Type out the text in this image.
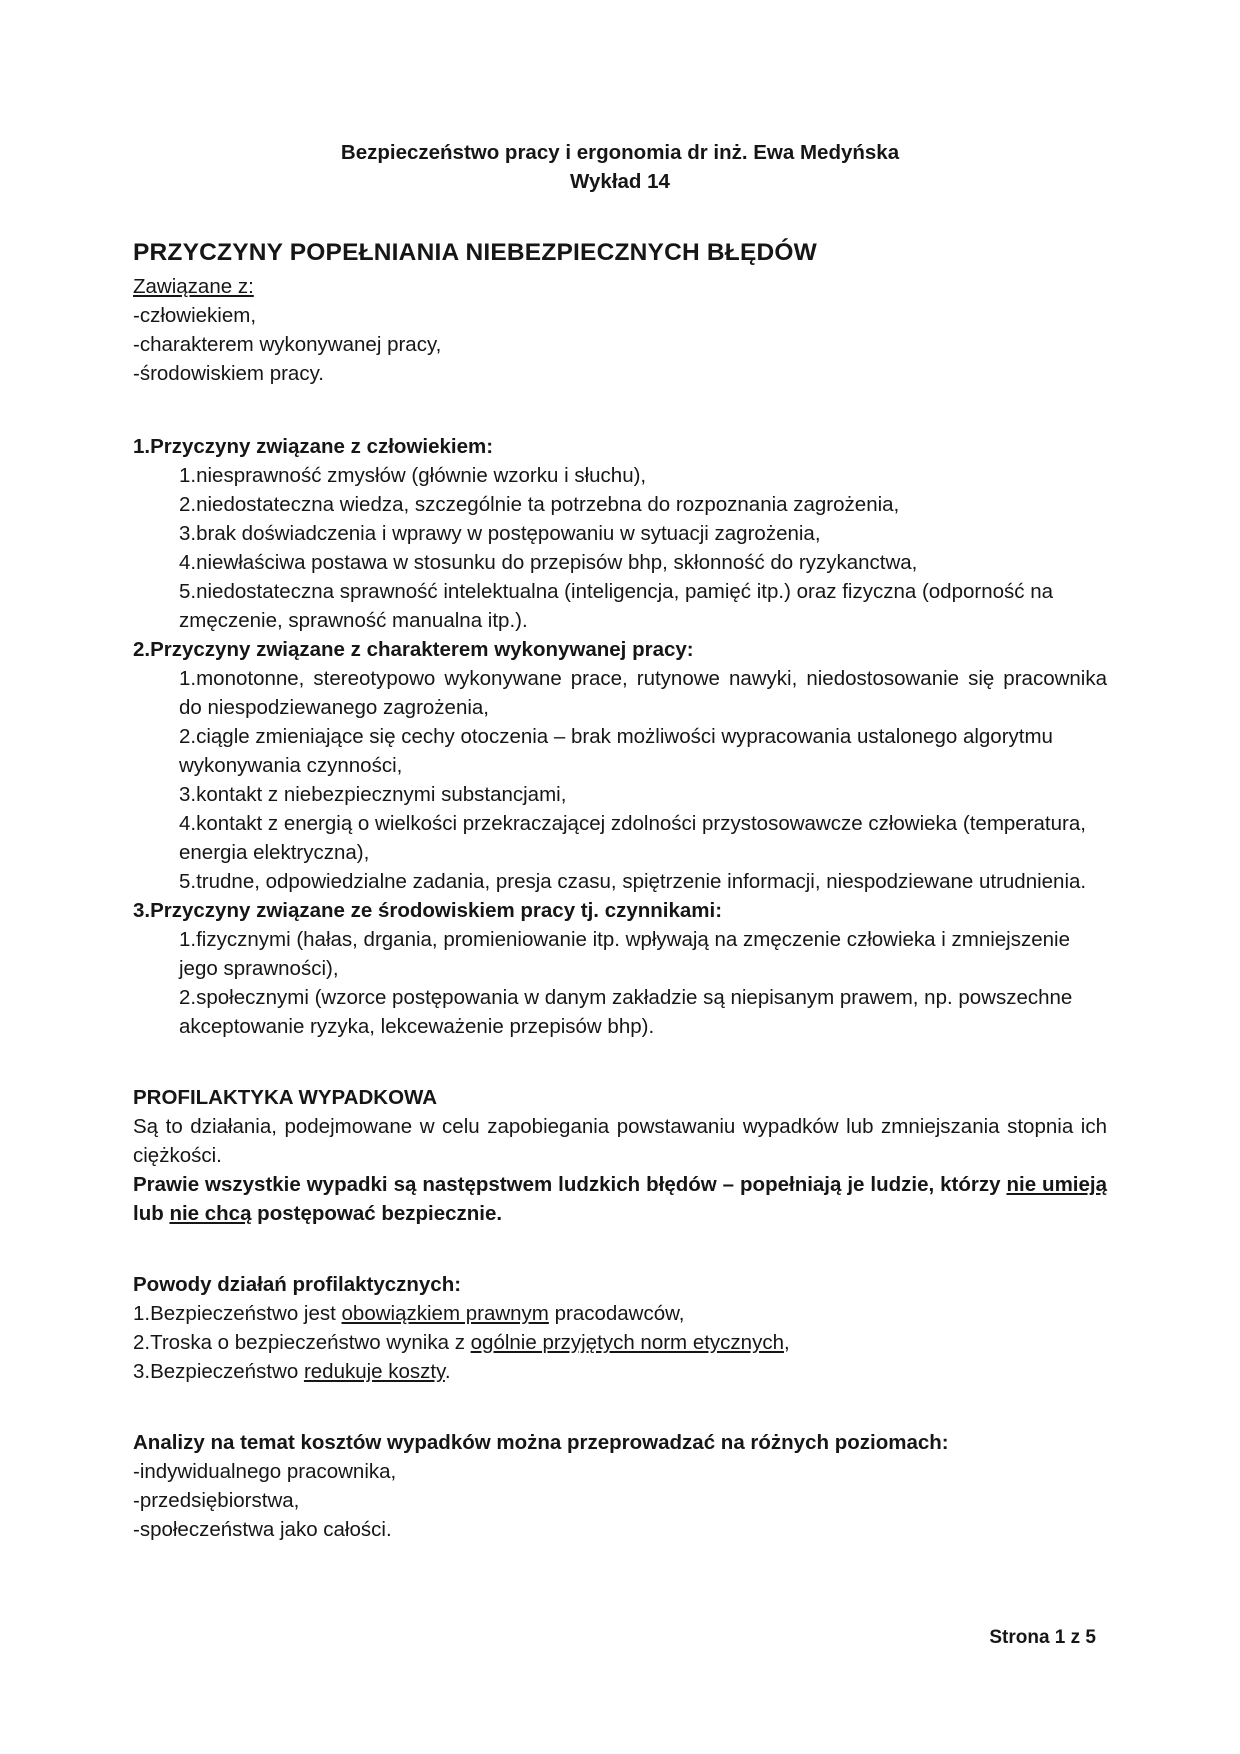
Bezpieczeństwo pracy i ergonomia dr inż. Ewa Medyńska

Wykład 14

PRZYCZYNY POPEŁNIANIA NIEBEZPIECZNYCH BŁĘDÓW

Zawiązane z:

-człowiekiem,

-charakterem wykonywanej pracy,

-środowiskiem pracy.

1.Przyczyny związane z człowiekiem:

1.niesprawność zmysłów (głównie wzorku i słuchu),

2.niedostateczna wiedza, szczególnie ta potrzebna do rozpoznania zagrożenia,

3.brak doświadczenia i wprawy w postępowaniu w sytuacji zagrożenia,

4.niewłaściwa postawa w stosunku do przepisów bhp, skłonność do ryzykanctwa,

5.niedostateczna sprawność intelektualna (inteligencja, pamięć itp.) oraz fizyczna (odporność na zmęczenie, sprawność manualna itp.).

2.Przyczyny związane z charakterem wykonywanej pracy:

1.monotonne, stereotypowo wykonywane prace, rutynowe nawyki, niedostosowanie się pracownika do niespodziewanego zagrożenia,

2.ciągle zmieniające się cechy otoczenia – brak możliwości wypracowania ustalonego algorytmu wykonywania czynności,

3.kontakt z niebezpiecznymi substancjami,

4.kontakt z energią o wielkości przekraczającej zdolności przystosowawcze człowieka (temperatura, energia elektryczna),

5.trudne, odpowiedzialne zadania, presja czasu, spiętrzenie informacji, niespodziewane utrudnienia.

3.Przyczyny związane ze środowiskiem pracy tj. czynnikami:

1.fizycznymi (hałas, drgania, promieniowanie itp. wpływają na zmęczenie człowieka i zmniejszenie jego sprawności),

2.społecznymi (wzorce postępowania w danym zakładzie są niepisanym prawem, np. powszechne akceptowanie ryzyka, lekceważenie przepisów bhp).

PROFILAKTYKA WYPADKOWA

Są to działania, podejmowane w celu zapobiegania powstawaniu wypadków lub zmniejszania stopnia ich ciężkości.

Prawie wszystkie wypadki są następstwem ludzkich błędów – popełniają je ludzie, którzy nie umieją lub nie chcą postępować bezpiecznie.

Powody działań profilaktycznych:

1.Bezpieczeństwo jest obowiązkiem prawnym pracodawców,

2.Troska o bezpieczeństwo wynika z ogólnie przyjętych norm etycznych,

3.Bezpieczeństwo redukuje koszty.

Analizy na temat kosztów wypadków można przeprowadzać na różnych poziomach:

-indywidualnego pracownika,

-przedsiębiorstwa,

-społeczeństwa jako całości.

Strona 1 z 5
